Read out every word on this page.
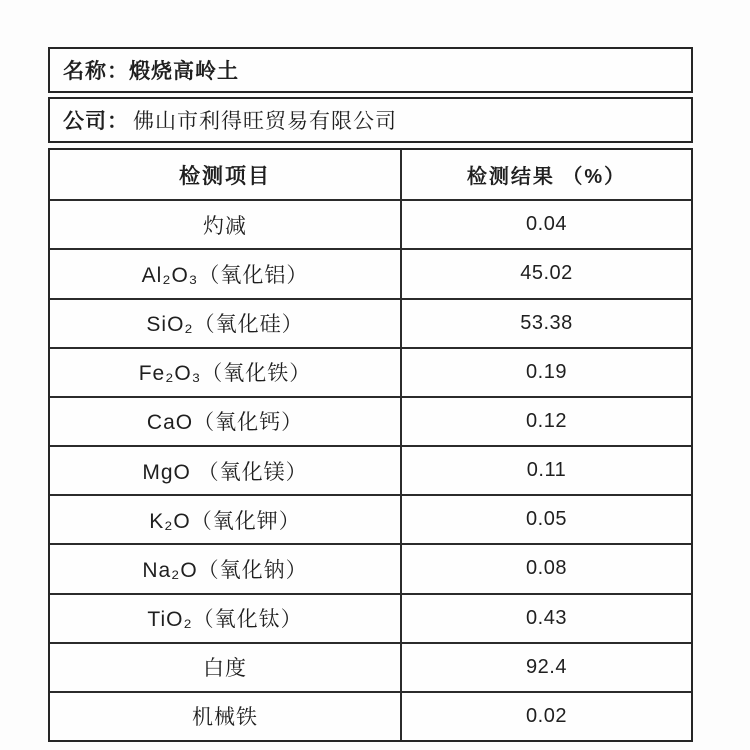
名称： 煅烧高岭土
公司： 佛山市利得旺贸易有限公司
检测项目	检测结果 （%）
灼减	0.04
Al₂O₃（氧化铝）	45.02
SiO₂（氧化硅）	53.38
Fe₂O₃（氧化铁）	0.19
CaO（氧化钙）	0.12
MgO （氧化镁）	0.11
K₂O（氧化钾）	0.05
Na₂O（氧化钠）	0.08
TiO₂（氧化钛）	0.43
白度	92.4
机械铁	0.02
